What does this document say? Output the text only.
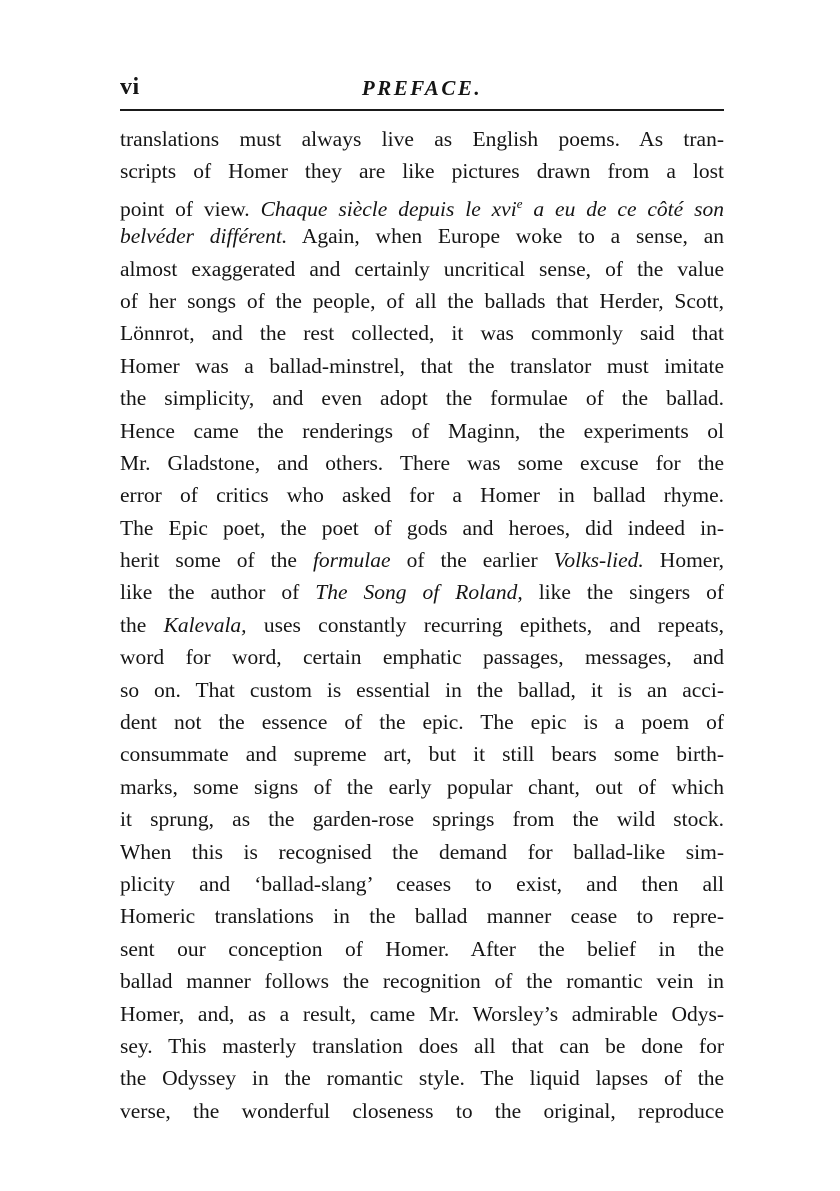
vi	PREFACE.
translations must always live as English poems. As tran-
scripts of Homer they are like pictures drawn from a lost
point of view. Chaque siècle depuis le xvi$^e$ a eu de ce côté son
belvéder différent. Again, when Europe woke to a sense, an
almost exaggerated and certainly uncritical sense, of the value
of her songs of the people, of all the ballads that Herder, Scott,
Lönnrot, and the rest collected, it was commonly said that
Homer was a ballad-minstrel, that the translator must imitate
the simplicity, and even adopt the formulae of the ballad.
Hence came the renderings of Maginn, the experiments ol
Mr. Gladstone, and others. There was some excuse for the
error of critics who asked for a Homer in ballad rhyme.
The Epic poet, the poet of gods and heroes, did indeed in-
herit some of the formulae of the earlier Volks-lied. Homer,
like the author of The Song of Roland, like the singers of
the Kalevala, uses constantly recurring epithets, and repeats,
word for word, certain emphatic passages, messages, and
so on. That custom is essential in the ballad, it is an acci-
dent not the essence of the epic. The epic is a poem of
consummate and supreme art, but it still bears some birth-
marks, some signs of the early popular chant, out of which
it sprung, as the garden-rose springs from the wild stock.
When this is recognised the demand for ballad-like sim-
plicity and ‘ballad-slang’ ceases to exist, and then all
Homeric translations in the ballad manner cease to repre-
sent our conception of Homer. After the belief in the
ballad manner follows the recognition of the romantic vein in
Homer, and, as a result, came Mr. Worsley’s admirable Odys-
sey. This masterly translation does all that can be done for
the Odyssey in the romantic style. The liquid lapses of the
verse, the wonderful closeness to the original, reproduce
